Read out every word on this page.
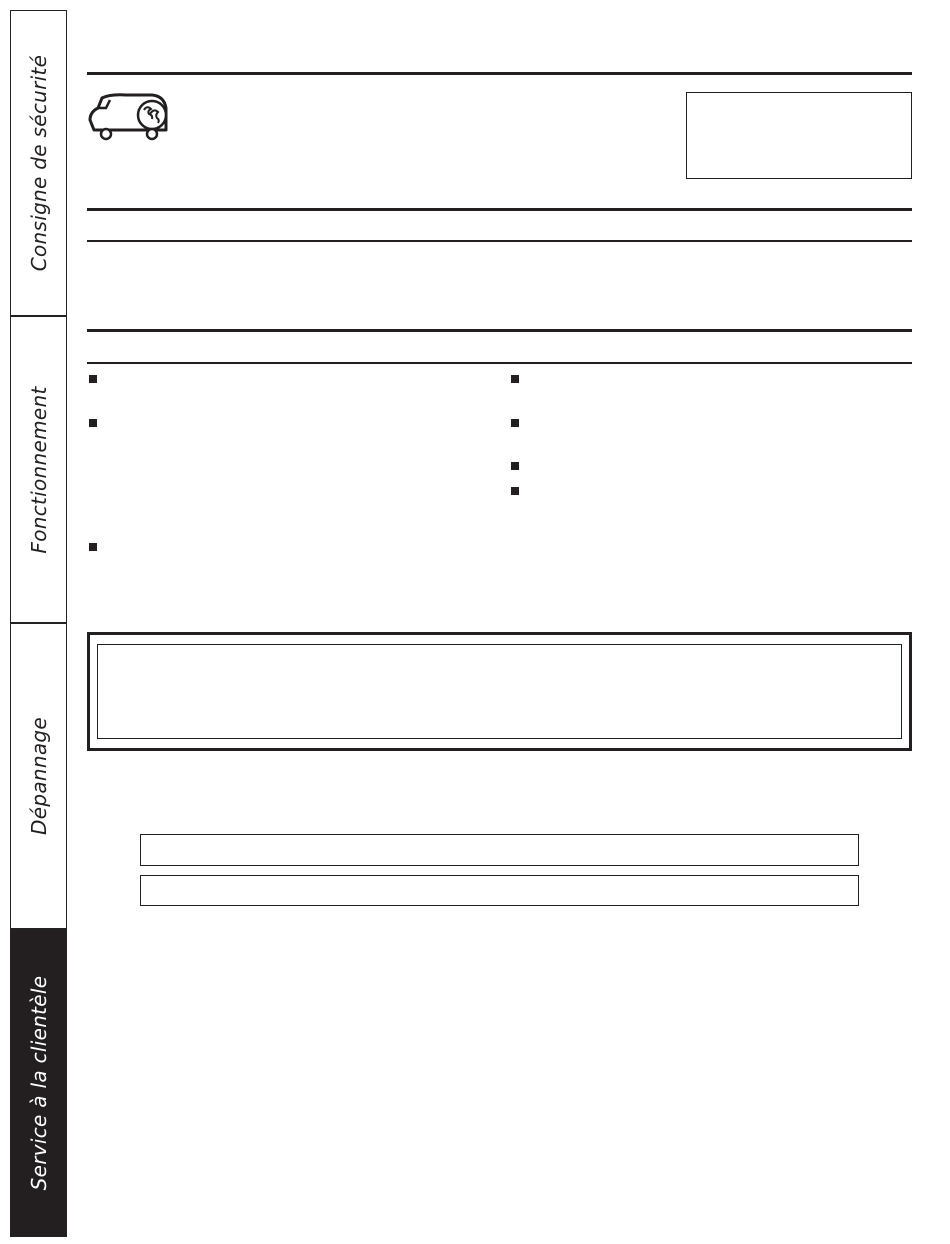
Consigne de sécurité
Fonctionnement
Dépannage
Service à la clientèle
